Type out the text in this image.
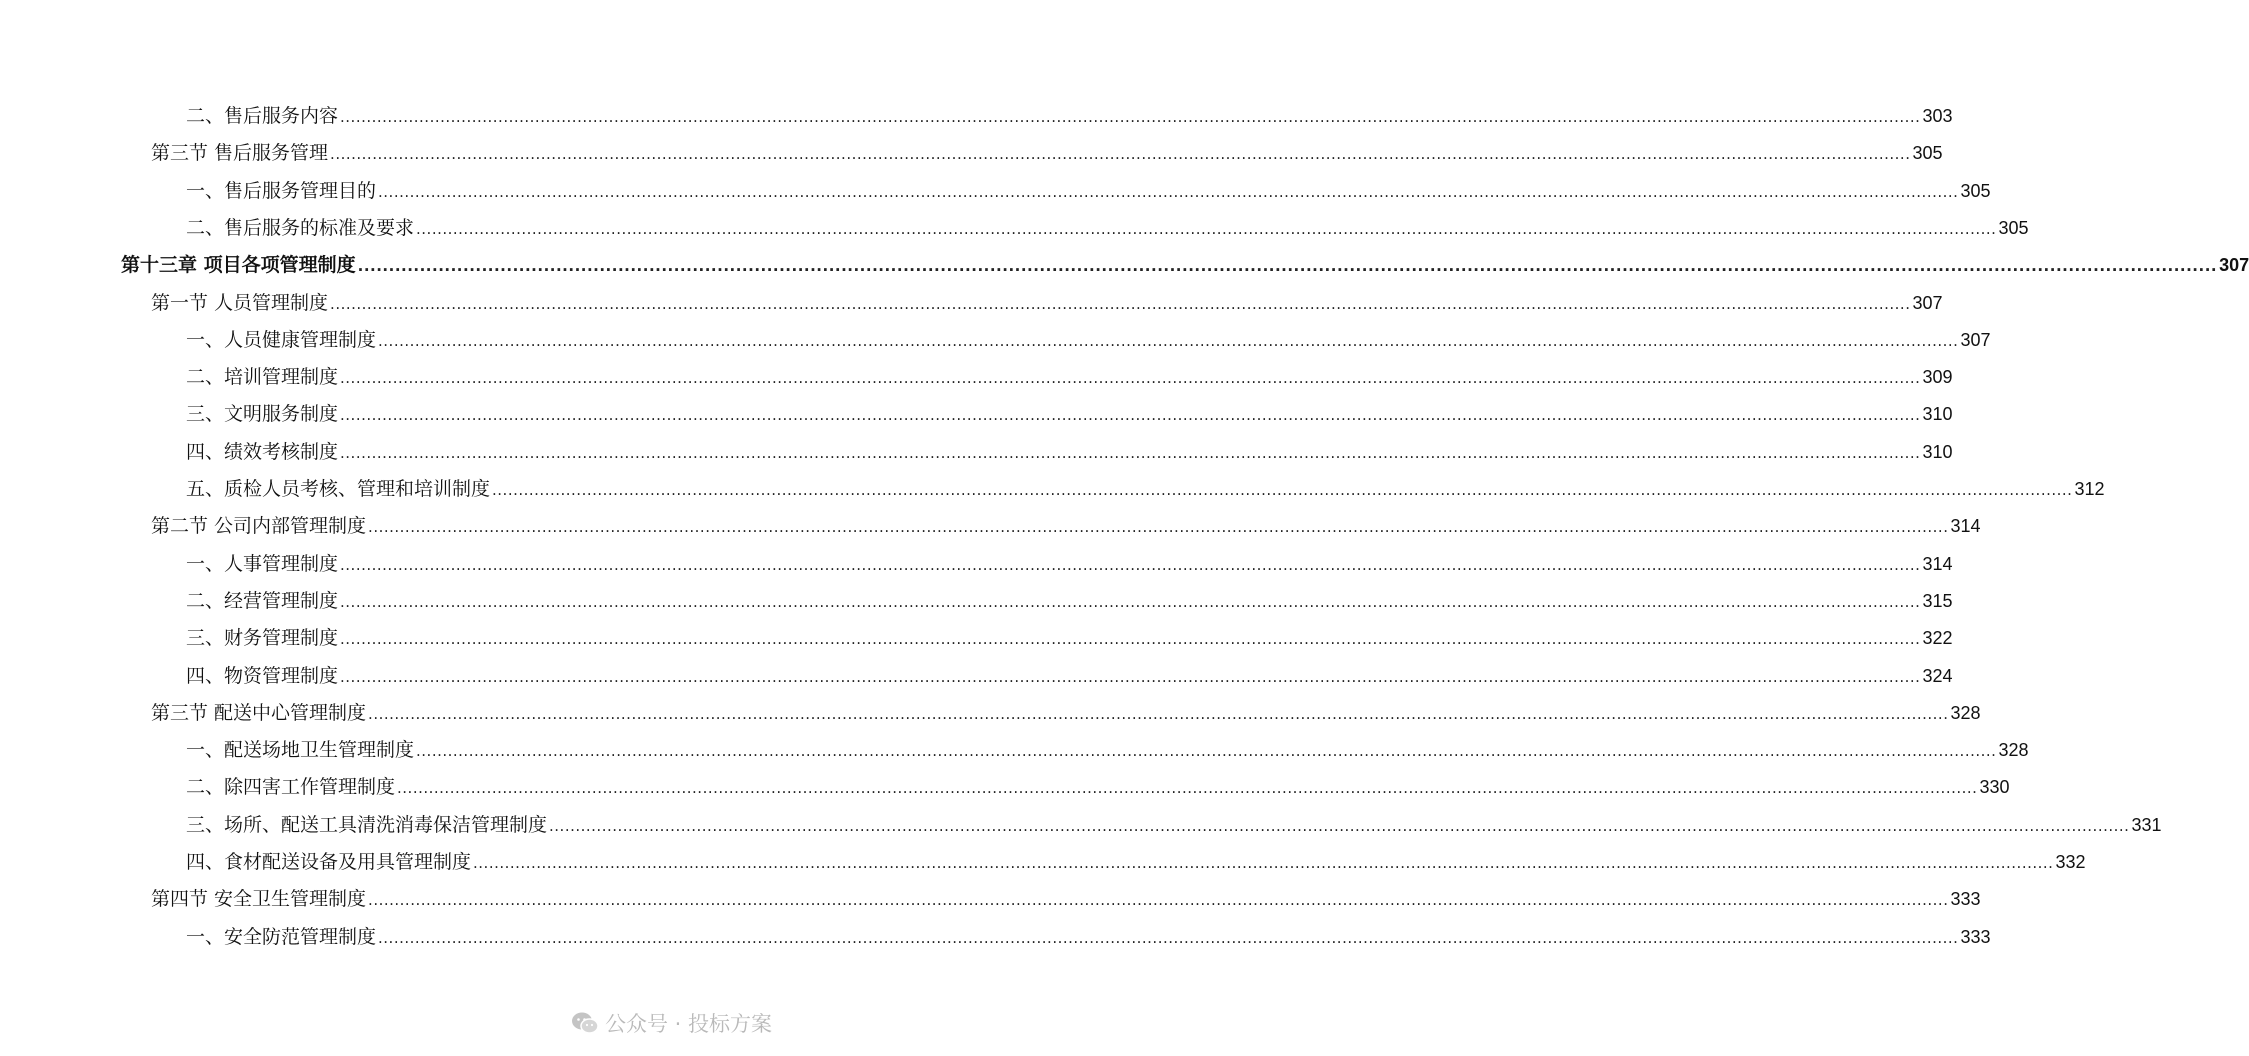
二、售后服务内容 ............................................................................................................................................................................................................................................................................................................ 303
第三节 售后服务管理 ............................................................................................................................................................................................................................................................................................................ 305
一、售后服务管理目的 ............................................................................................................................................................................................................................................................................................................ 305
二、售后服务的标准及要求 ............................................................................................................................................................................................................................................................................................................ 305
第十三章 项目各项管理制度 ............................................................................................................................................................................................................................................................................................................ 307
第一节 人员管理制度 ............................................................................................................................................................................................................................................................................................................ 307
一、人员健康管理制度 ............................................................................................................................................................................................................................................................................................................ 307
二、培训管理制度 ............................................................................................................................................................................................................................................................................................................ 309
三、文明服务制度 ............................................................................................................................................................................................................................................................................................................ 310
四、绩效考核制度 ............................................................................................................................................................................................................................................................................................................ 310
五、质检人员考核、管理和培训制度 ............................................................................................................................................................................................................................................................................................................ 312
第二节 公司内部管理制度 ............................................................................................................................................................................................................................................................................................................ 314
一、人事管理制度 ............................................................................................................................................................................................................................................................................................................ 314
二、经营管理制度 ............................................................................................................................................................................................................................................................................................................ 315
三、财务管理制度 ............................................................................................................................................................................................................................................................................................................ 322
四、物资管理制度 ............................................................................................................................................................................................................................................................................................................ 324
第三节 配送中心管理制度 ............................................................................................................................................................................................................................................................................................................ 328
一、配送场地卫生管理制度 ............................................................................................................................................................................................................................................................................................................ 328
二、除四害工作管理制度 ............................................................................................................................................................................................................................................................................................................ 330
三、场所、配送工具清洗消毒保洁管理制度 ............................................................................................................................................................................................................................................................................................................ 331
四、食材配送设备及用具管理制度 ............................................................................................................................................................................................................................................................................................................ 332
第四节 安全卫生管理制度 ............................................................................................................................................................................................................................................................................................................ 333
一、安全防范管理制度 ............................................................................................................................................................................................................................................................................................................ 333
公众号 · 投标方案
